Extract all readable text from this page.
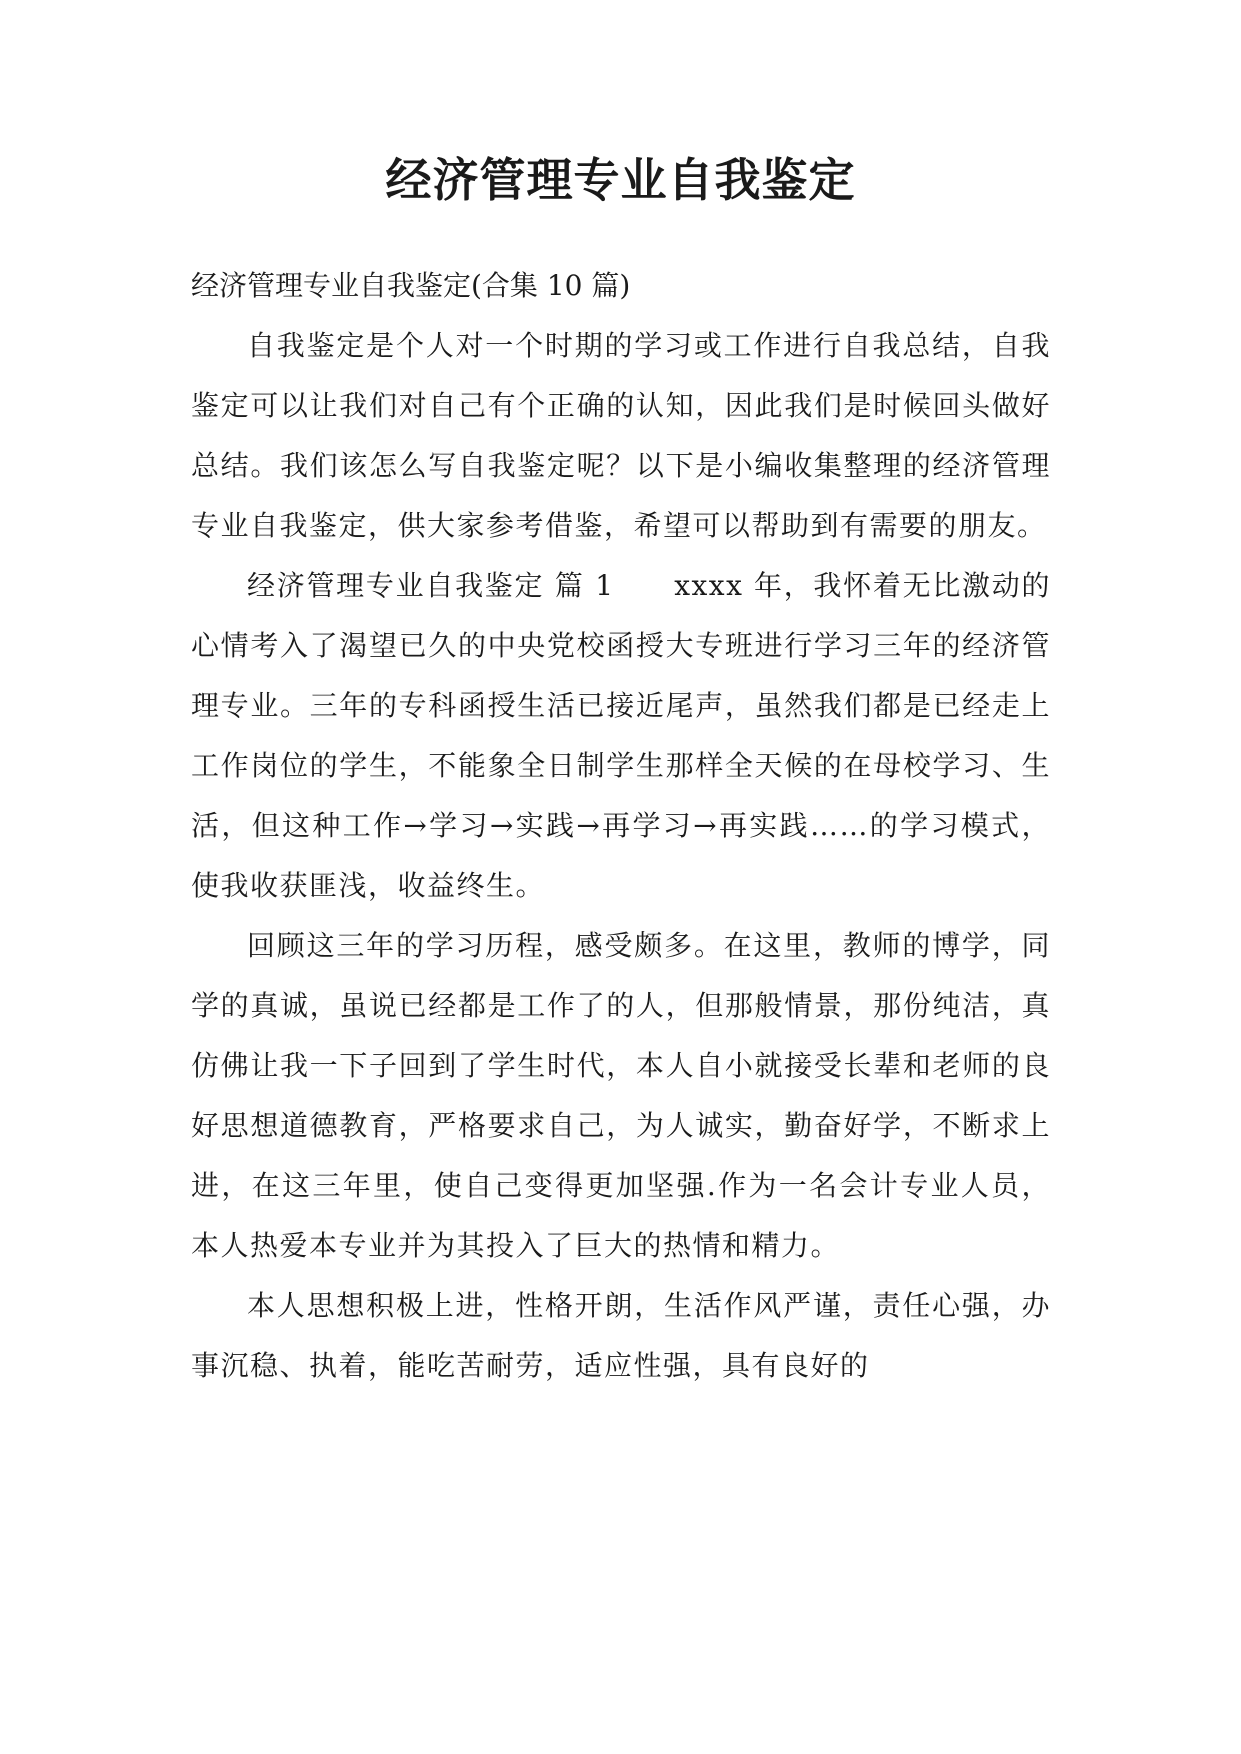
经济管理专业自我鉴定

经济管理专业自我鉴定(合集 10 篇)

自我鉴定是个人对一个时期的学习或工作进行自我总结，自我鉴定可以让我们对自己有个正确的认知，因此我们是时候回头做好总结。我们该怎么写自我鉴定呢？以下是小编收集整理的经济管理专业自我鉴定，供大家参考借鉴，希望可以帮助到有需要的朋友。

经济管理专业自我鉴定 篇 1　　xxxx 年，我怀着无比激动的心情考入了渴望已久的中央党校函授大专班进行学习三年的经济管理专业。三年的专科函授生活已接近尾声，虽然我们都是已经走上工作岗位的学生，不能象全日制学生那样全天候的在母校学习、生活，但这种工作→学习→实践→再学习→再实践……的学习模式，使我收获匪浅，收益终生。

回顾这三年的学习历程，感受颇多。在这里，教师的博学，同学的真诚，虽说已经都是工作了的人，但那般情景，那份纯洁，真仿佛让我一下子回到了学生时代，本人自小就接受长辈和老师的良好思想道德教育，严格要求自己，为人诚实，勤奋好学，不断求上进，在这三年里，使自己变得更加坚强.作为一名会计专业人员，本人热爱本专业并为其投入了巨大的热情和精力。

本人思想积极上进，性格开朗，生活作风严谨，责任心强，办事沉稳、执着，能吃苦耐劳，适应性强，具有良好的
